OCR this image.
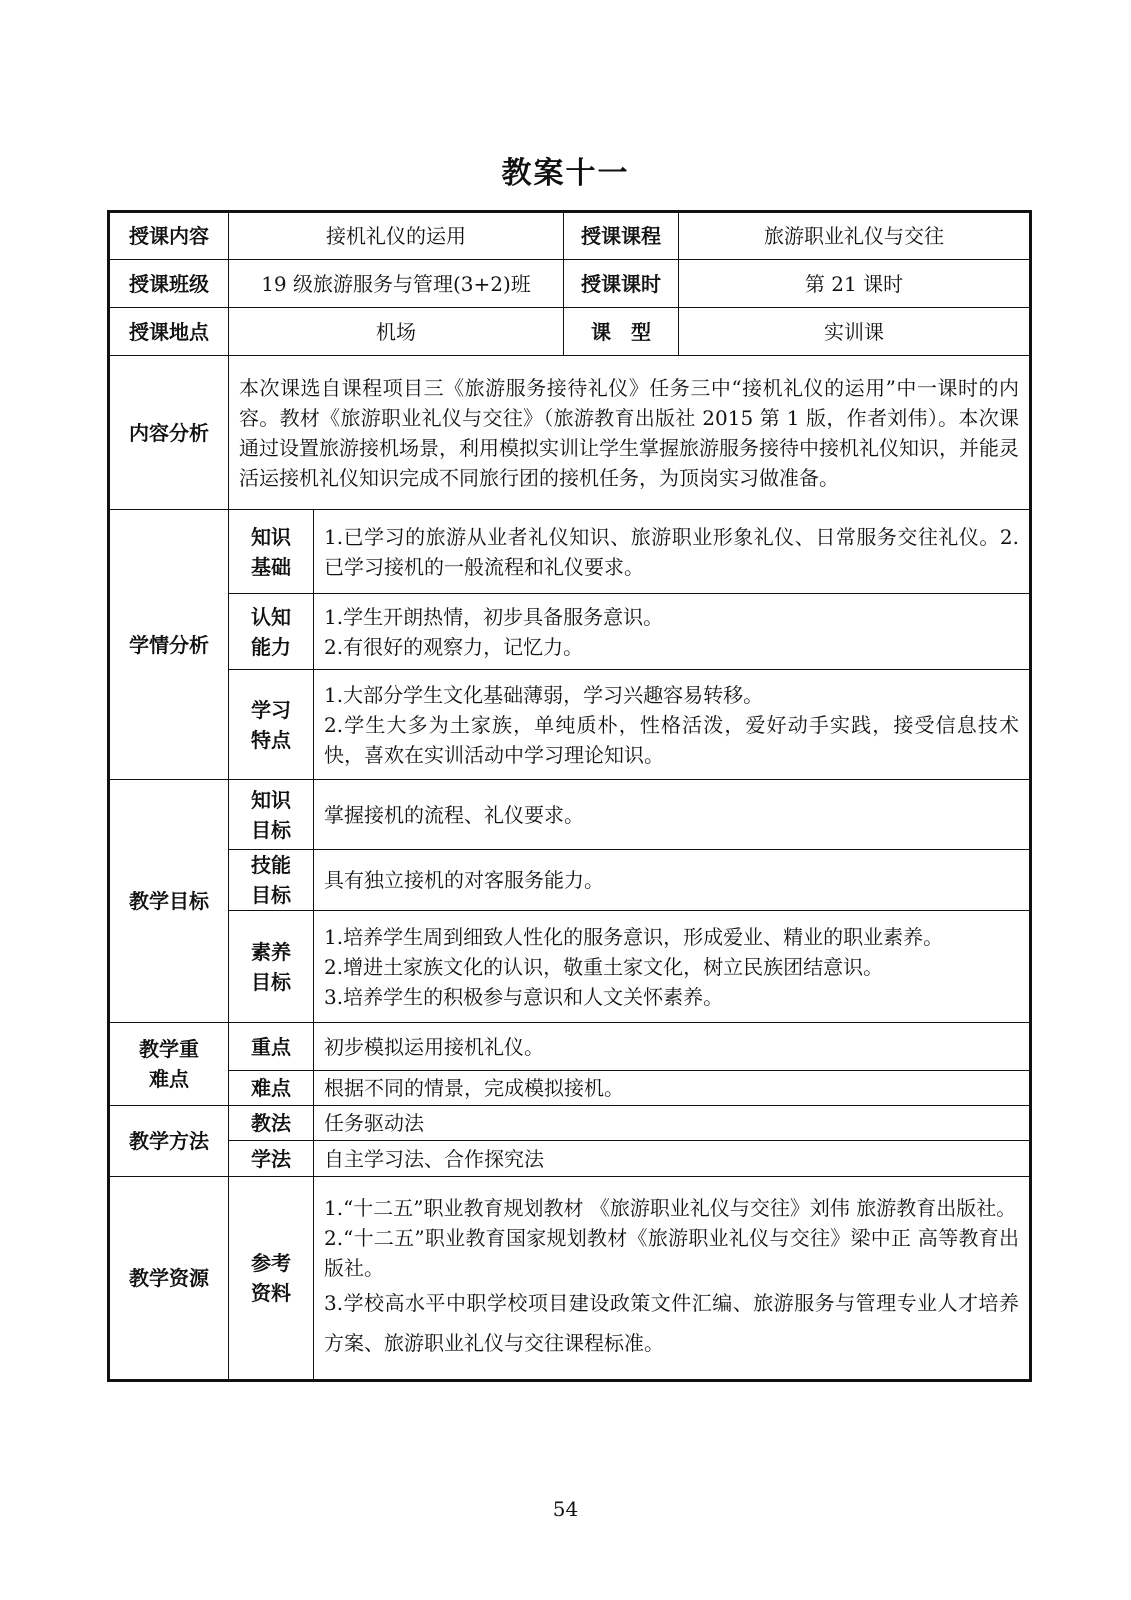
教案十一
授课内容	接机礼仪的运用		授课课程	旅游职业礼仪与交往
授课班级	19 级旅游服务与管理(3+2)班		授课课时	第 21 课时
授课地点	机场		课　型	实训课
内容分析	本次课选自课程项目三《旅游服务接待礼仪》任务三中“接机礼仪的运用”中一课时的内容。教材《旅游职业礼仪与交往》（旅游教育出版社 2015 第 1 版，作者刘伟）。本次课通过设置旅游接机场景，利用模拟实训让学生掌握旅游服务接待中接机礼仪知识，并能灵活运接机礼仪知识完成不同旅行团的接机任务，为顶岗实习做准备。			
学情分析	知识
基础	1.已学习的旅游从业者礼仪知识、旅游职业形象礼仪、日常服务交往礼仪。2.已学习接机的一般流程和礼仪要求。		

	认知
能力	1.学生开朗热情，初步具备服务意识。
2.有很好的观察力，记忆力。		

	学习
特点	1.大部分学生文化基础薄弱，学习兴趣容易转移。
2.学生大多为土家族，单纯质朴，性格活泼，爱好动手实践，接受信息技术快，喜欢在实训活动中学习理论知识。		

教学目标	知识
目标	掌握接机的流程、礼仪要求。		

	技能
目标	具有独立接机的对客服务能力。		

	素养
目标	1.培养学生周到细致人性化的服务意识，形成爱业、精业的职业素养。
2.增进土家族文化的认识，敬重土家文化，树立民族团结意识。
3.培养学生的积极参与意识和人文关怀素养。		

教学重
难点	重点	初步模拟运用接机礼仪。		
	难点	根据不同的情景，完成模拟接机。		
教学方法	教法	任务驱动法		
	学法	自主学习法、合作探究法		
教学资源	参考
资料	1.“十二五”职业教育规划教材 《旅游职业礼仪与交往》刘伟 旅游教育出版社。
2.“十二五”职业教育国家规划教材《旅游职业礼仪与交往》梁中正 高等教育出版社。
3.学校高水平中职学校项目建设政策文件汇编、旅游服务与管理专业人才培养方案、旅游职业礼仪与交往课程标准。		
54
